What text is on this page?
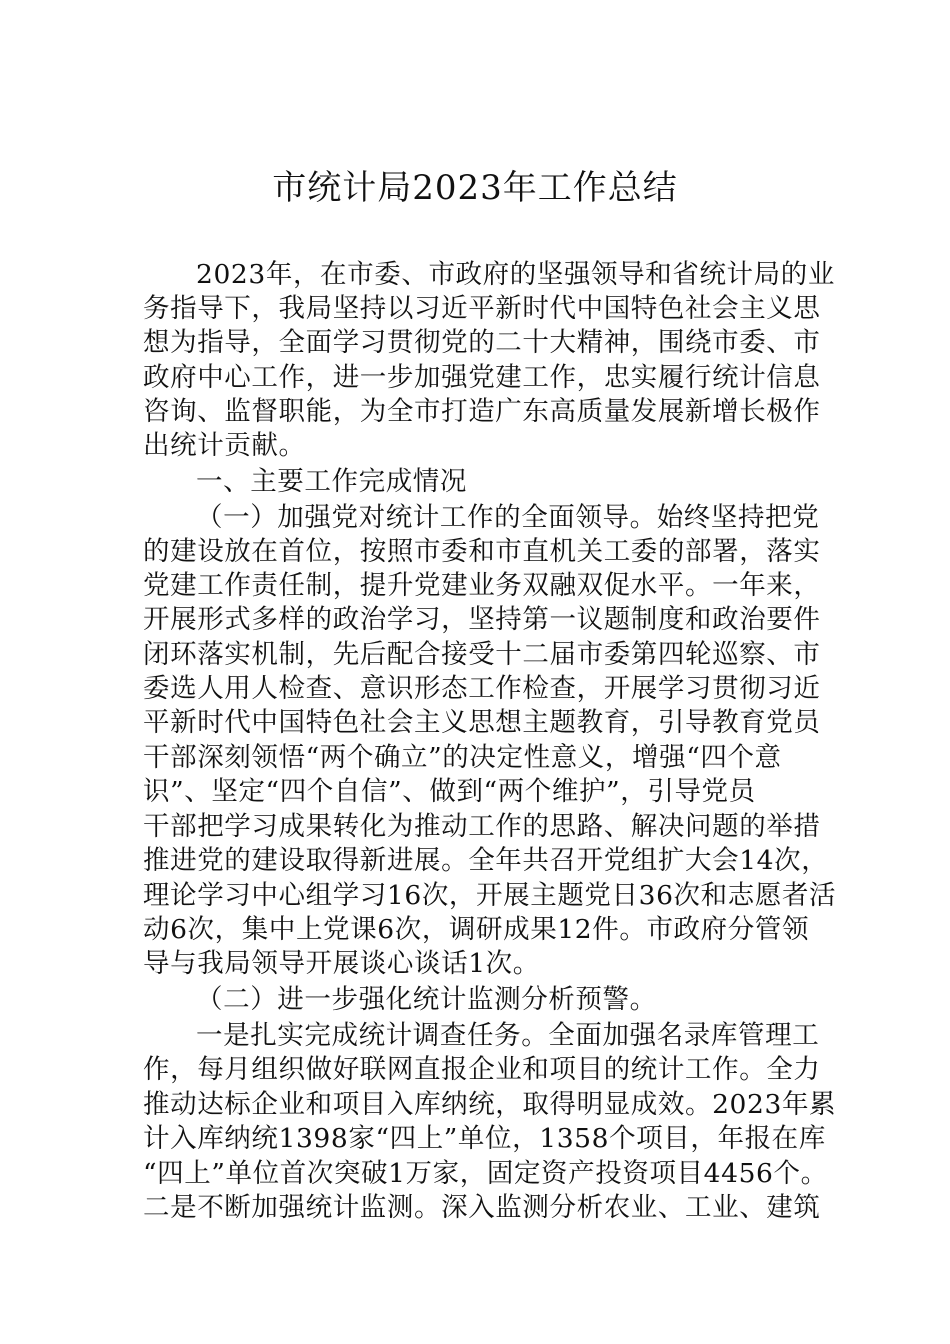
市统计局2023年工作总结

2023年，在市委、市政府的坚强领导和省统计局的业

务指导下，我局坚持以习近平新时代中国特色社会主义思

想为指导，全面学习贯彻党的二十大精神，围绕市委、市

政府中心工作，进一步加强党建工作，忠实履行统计信息

咨询、监督职能，为全市打造广东高质量发展新增长极作

出统计贡献。

一、主要工作完成情况

（一）加强党对统计工作的全面领导。始终坚持把党

的建设放在首位，按照市委和市直机关工委的部署，落实

党建工作责任制，提升党建业务双融双促水平。一年来，

开展形式多样的政治学习，坚持第一议题制度和政治要件

闭环落实机制，先后配合接受十二届市委第四轮巡察、市

委选人用人检查、意识形态工作检查，开展学习贯彻习近

平新时代中国特色社会主义思想主题教育，引导教育党员

干部深刻领悟“两个确立”的决定性意义，增强“四个意

识”、坚定“四个自信”、做到“两个维护”，引导党员

干部把学习成果转化为推动工作的思路、解决问题的举措

推进党的建设取得新进展。全年共召开党组扩大会14次，

理论学习中心组学习16次，开展主题党日36次和志愿者活

动6次，集中上党课6次，调研成果12件。市政府分管领

导与我局领导开展谈心谈话1次。

（二）进一步强化统计监测分析预警。

一是扎实完成统计调查任务。全面加强名录库管理工

作，每月组织做好联网直报企业和项目的统计工作。全力

推动达标企业和项目入库纳统，取得明显成效。2023年累

计入库纳统1398家“四上”单位，1358个项目，年报在库

“四上”单位首次突破1万家，固定资产投资项目4456个。

二是不断加强统计监测。深入监测分析农业、工业、建筑
